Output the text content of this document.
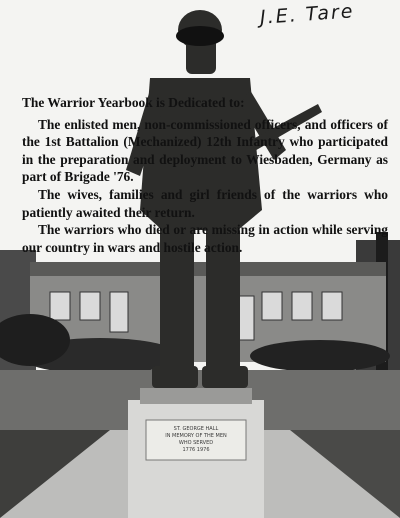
J.E. Tare

The Warrior Yearbook is Dedicated to:

The enlisted men, non-commissioned officers, and officers of the 1st Battalion (Mechanized) 12th Infantry who participated in the preparation and deployment to Wiesbaden, Germany as part of Brigade '76.

The wives, families and girl friends of the warriors who patiently awaited their return.

The warriors who died or are missing in action while serving our country in wars and hostile action.

ST. GEORGE HALL
IN MEMORY OF THE MEN
WHO SERVED
1776 1976
